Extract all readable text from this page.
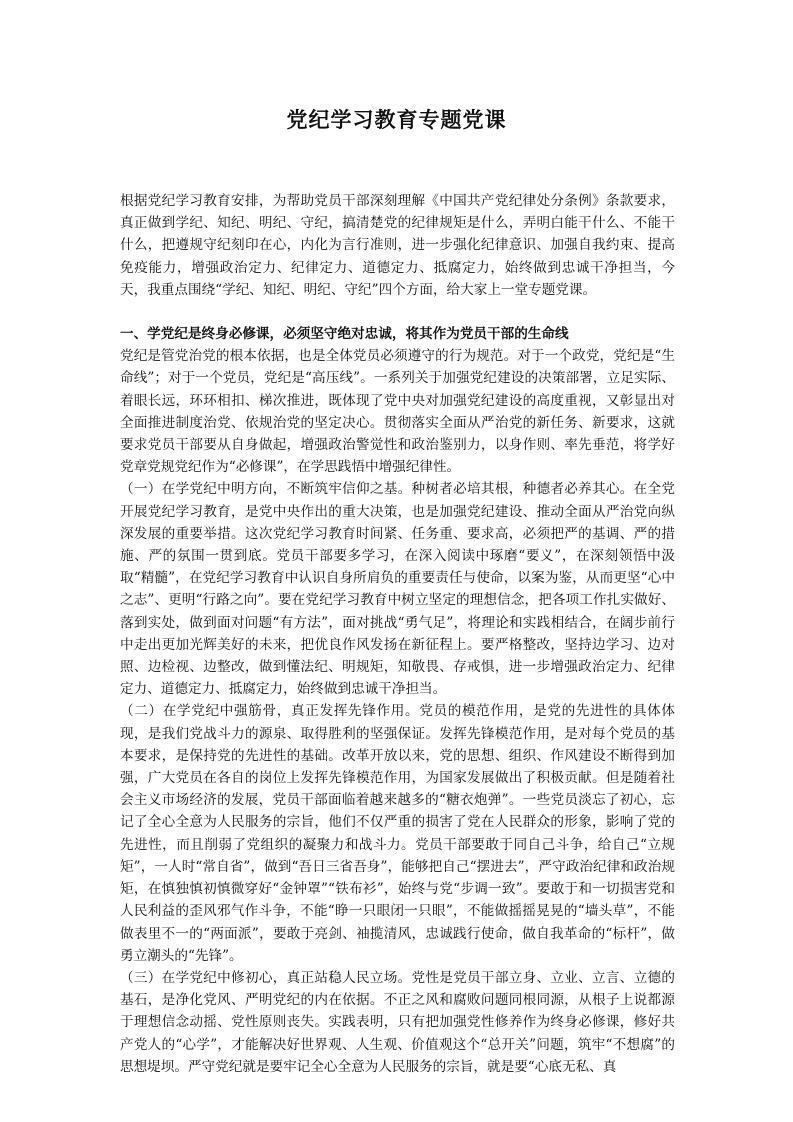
党纪学习教育专题党课

根据党纪学习教育安排，为帮助党员干部深刻理解《中国共产党纪律处分条例》条款要求，真正做到学纪、知纪、明纪、守纪，搞清楚党的纪律规矩是什么，弄明白能干什么、不能干什么，把遵规守纪刻印在心，内化为言行准则，进一步强化纪律意识、加强自我约束、提高免疫能力，增强政治定力、纪律定力、道德定力、抵腐定力，始终做到忠诚干净担当，今天，我重点围绕“学纪、知纪、明纪、守纪”四个方面，给大家上一堂专题党课。

一、学党纪是终身必修课，必须坚守绝对忠诚，将其作为党员干部的生命线

党纪是管党治党的根本依据，也是全体党员必须遵守的行为规范。对于一个政党，党纪是“生命线”；对于一个党员，党纪是“高压线”。一系列关于加强党纪建设的决策部署，立足实际、着眼长远，环环相扣、梯次推进，既体现了党中央对加强党纪建设的高度重视，又彰显出对全面推进制度治党、依规治党的坚定决心。贯彻落实全面从严治党的新任务、新要求，这就要求党员干部要从自身做起，增强政治警觉性和政治鉴别力，以身作则、率先垂范，将学好党章党规党纪作为“必修课”，在学思践悟中增强纪律性。

（一）在学党纪中明方向，不断筑牢信仰之基。种树者必培其根，种德者必养其心。在全党开展党纪学习教育，是党中央作出的重大决策，也是加强党纪建设、推动全面从严治党向纵深发展的重要举措。这次党纪学习教育时间紧、任务重、要求高，必须把严的基调、严的措施、严的氛围一贯到底。党员干部要多学习，在深入阅读中琢磨“要义”，在深刻领悟中汲取“精髓”，在党纪学习教育中认识自身所肩负的重要责任与使命，以案为鉴，从而更坚“心中之志”、更明“行路之向”。要在党纪学习教育中树立坚定的理想信念，把各项工作扎实做好、落到实处，做到面对问题“有方法”，面对挑战“勇气足”，将理论和实践相结合，在阔步前行中走出更加光辉美好的未来，把优良作风发扬在新征程上。要严格整改，坚持边学习、边对照、边检视、边整改，做到懂法纪、明规矩，知敬畏、存戒惧，进一步增强政治定力、纪律定力、道德定力、抵腐定力，始终做到忠诚干净担当。

（二）在学党纪中强筋骨，真正发挥先锋作用。党员的模范作用，是党的先进性的具体体现，是我们党战斗力的源泉、取得胜利的坚强保证。发挥先锋模范作用，是对每个党员的基本要求，是保持党的先进性的基础。改革开放以来，党的思想、组织、作风建设不断得到加强，广大党员在各自的岗位上发挥先锋模范作用，为国家发展做出了积极贡献。但是随着社会主义市场经济的发展，党员干部面临着越来越多的“糖衣炮弹”。一些党员淡忘了初心，忘记了全心全意为人民服务的宗旨，他们不仅严重的损害了党在人民群众的形象，影响了党的先进性，而且削弱了党组织的凝聚力和战斗力。党员干部要敢于同自己斗争，给自己“立规矩”，一人时“常自省”，做到“吾日三省吾身”，能够把自己“摆进去”，严守政治纪律和政治规矩，在慎独慎初慎微穿好“金钟罩”“铁布衫”，始终与党“步调一致”。要敢于和一切损害党和人民利益的歪风邪气作斗争，不能“睁一只眼闭一只眼”，不能做摇摇晃晃的“墙头草”，不能做表里不一的“两面派”，要敢于亮剑、袖揽清风，忠诚践行使命，做自我革命的“标杆”，做勇立潮头的“先锋”。

（三）在学党纪中修初心，真正站稳人民立场。党性是党员干部立身、立业、立言、立德的基石，是净化党风、严明党纪的内在依据。不正之风和腐败问题同根同源，从根子上说都源于理想信念动摇、党性原则丧失。实践表明，只有把加强党性修养作为终身必修课，修好共产党人的“心学”，才能解决好世界观、人生观、价值观这个“总开关”问题，筑牢“不想腐”的思想堤坝。严守党纪就是要牢记全心全意为人民服务的宗旨，就是要“心底无私、真
